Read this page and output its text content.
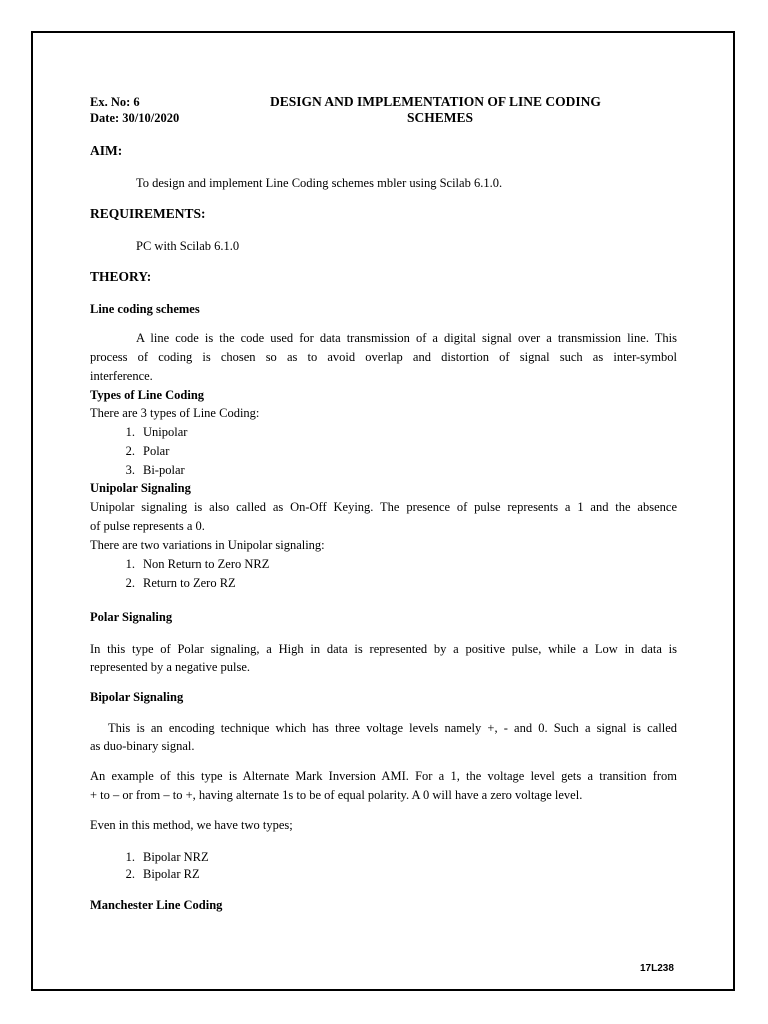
Ex. No: 6
Date: 30/10/2020
DESIGN AND IMPLEMENTATION OF LINE CODING
SCHEMES
AIM:
To design and implement Line Coding schemes mbler using Scilab 6.1.0.
REQUIREMENTS:
PC with Scilab 6.1.0
THEORY:
Line coding schemes
A line code is the code used for data transmission of a digital signal over a transmission line. This
process of coding is chosen so as to avoid overlap and distortion of signal such as inter-symbol
interference.
Types of Line Coding
There are 3 types of Line Coding:
1. Unipolar
2. Polar
3. Bi-polar
Unipolar Signaling
Unipolar signaling is also called as On-Off Keying. The presence of pulse represents a 1 and the absence
of pulse represents a 0.
There are two variations in Unipolar signaling:
1. Non Return to Zero NRZ
2. Return to Zero RZ
Polar Signaling
In this type of Polar signaling, a High in data is represented by a positive pulse, while a Low in data is
represented by a negative pulse.
Bipolar Signaling
This is an encoding technique which has three voltage levels namely +, - and 0. Such a signal is called
as duo-binary signal.
An example of this type is Alternate Mark Inversion AMI. For a 1, the voltage level gets a transition from
+ to – or from – to +, having alternate 1s to be of equal polarity. A 0 will have a zero voltage level.
Even in this method, we have two types;
1. Bipolar NRZ
2. Bipolar RZ
Manchester Line Coding
17L238
